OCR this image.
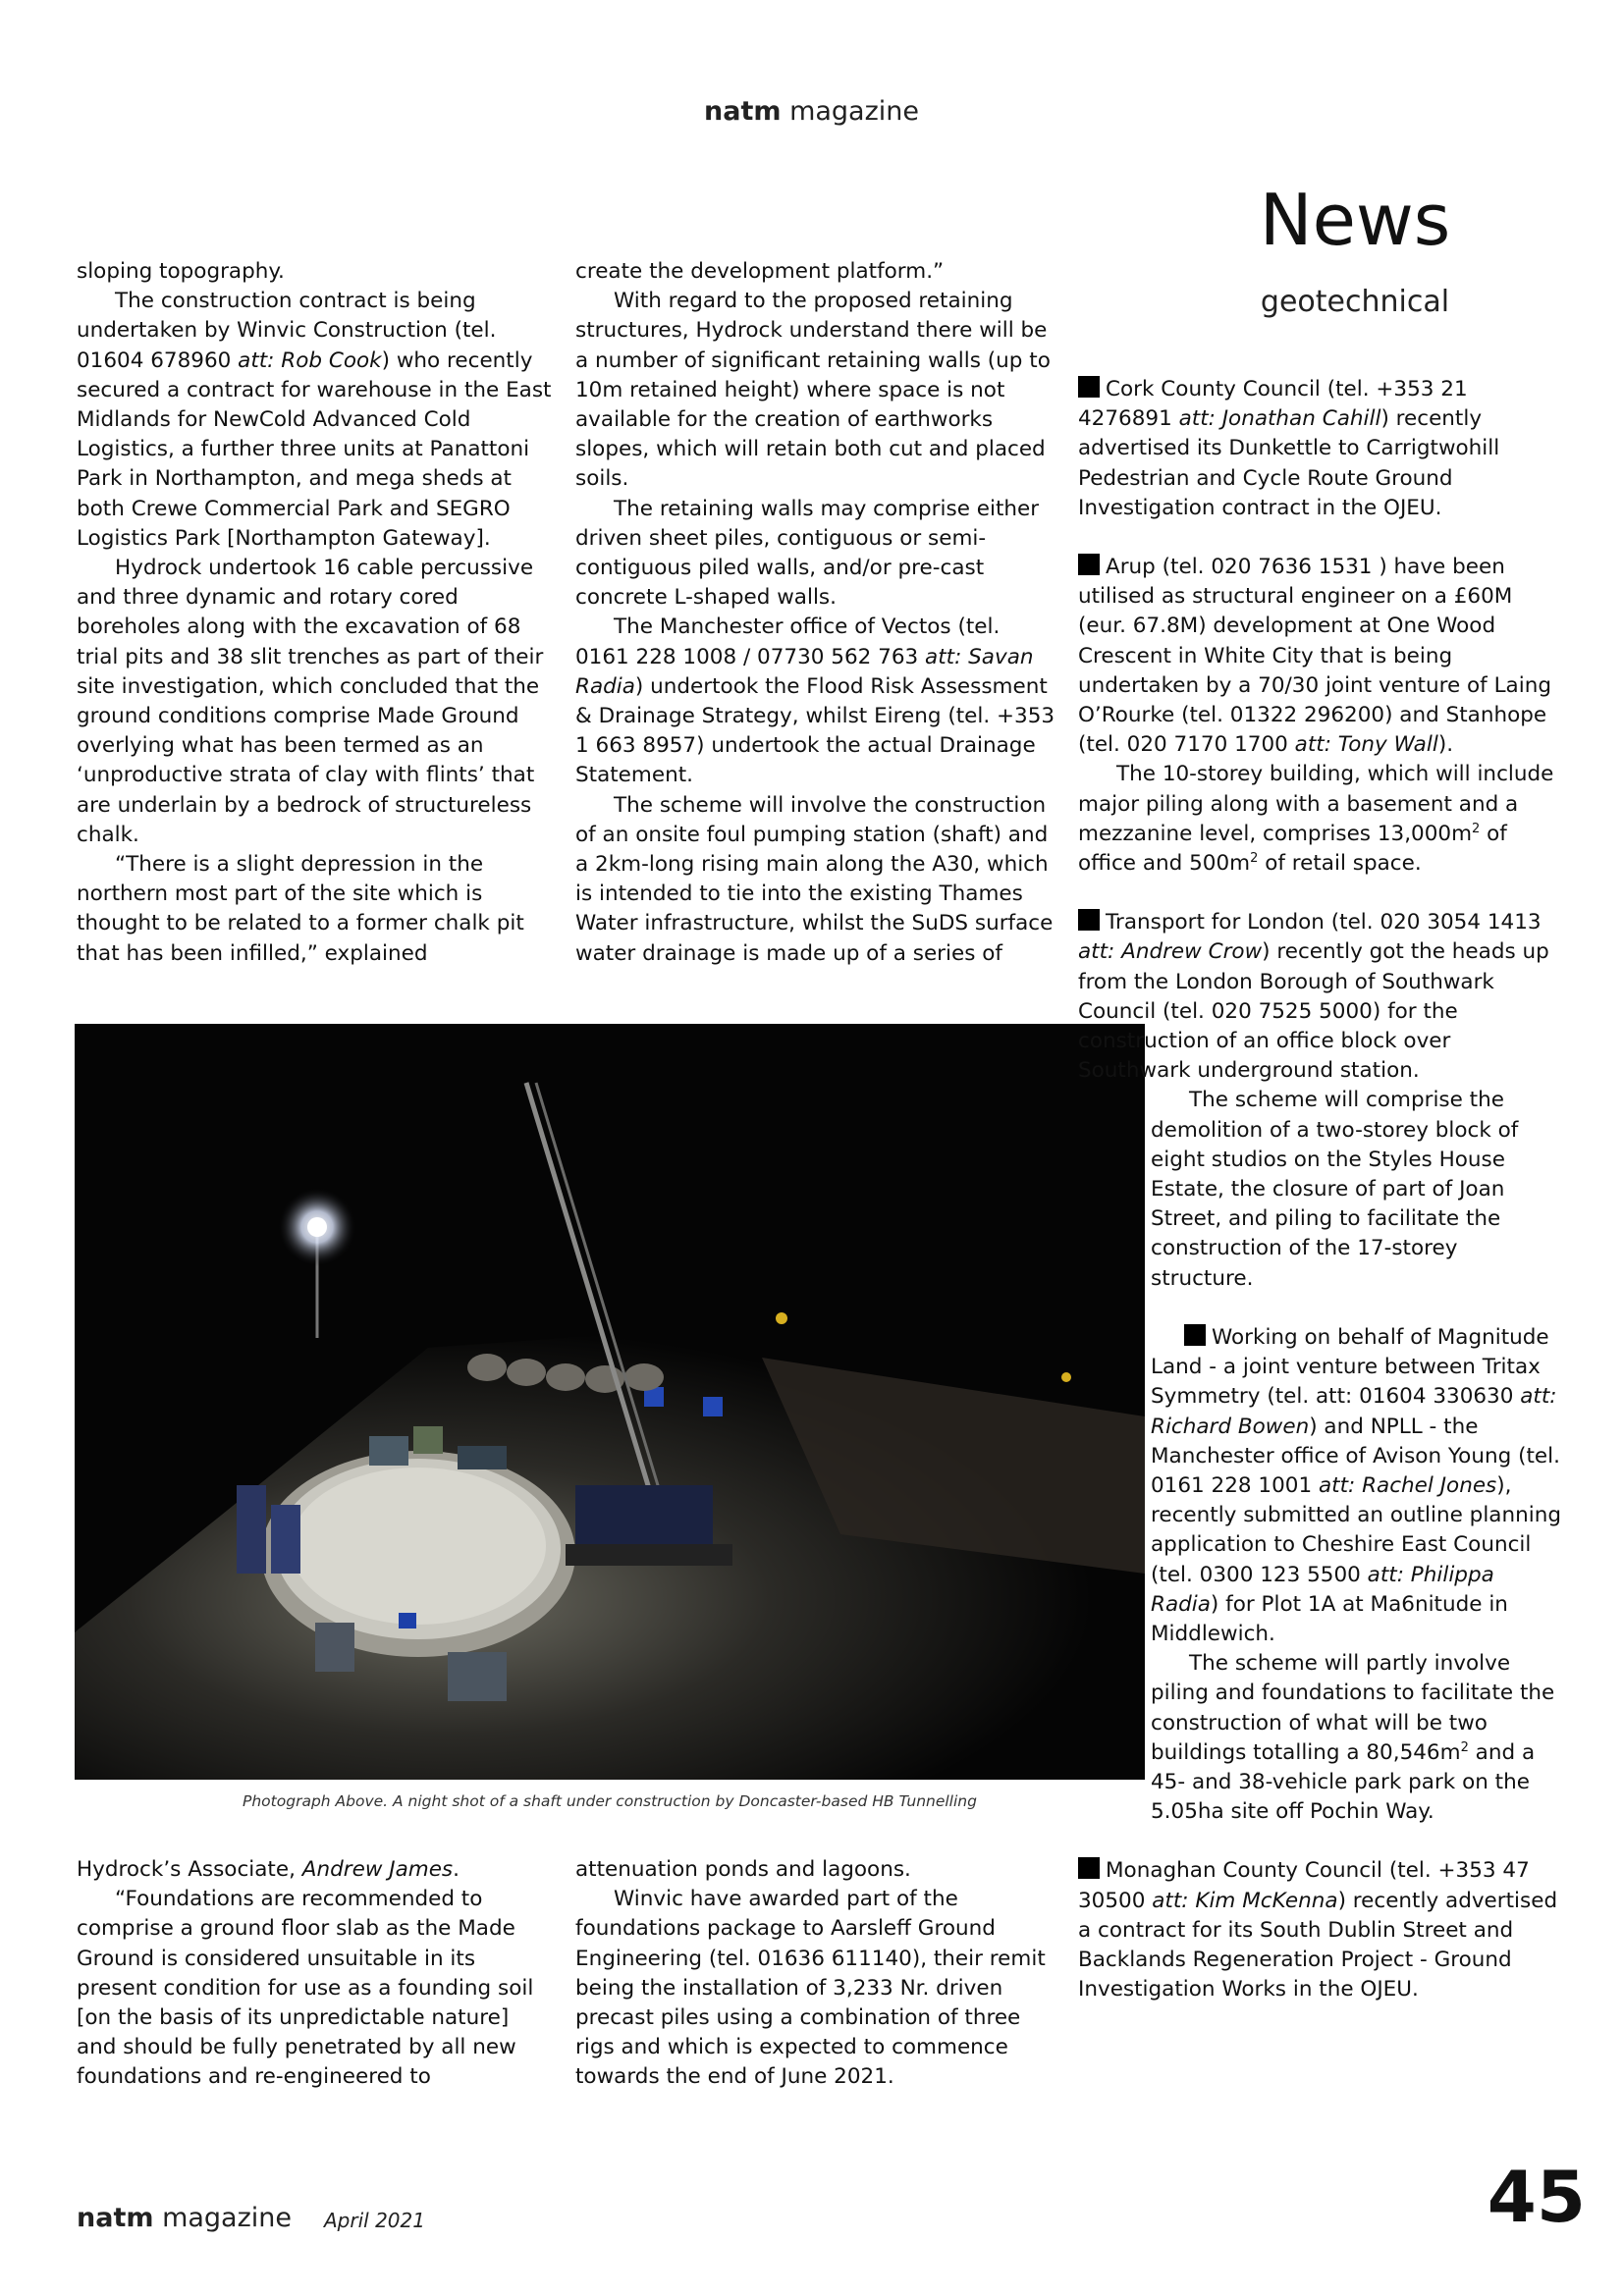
natm magazine
News
geotechnical

sloping topography.

The construction contract is being undertaken by Winvic Construction (tel. 01604 678960 att: Rob Cook) who recently secured a contract for warehouse in the East Midlands for NewCold Advanced Cold Logistics, a further three units at Panattoni Park in Northampton, and mega sheds at both Crewe Commercial Park and SEGRO Logistics Park [Northampton Gateway].

Hydrock undertook 16 cable percussive and three dynamic and rotary cored boreholes along with the excavation of 68 trial pits and 38 slit trenches as part of their site investigation, which concluded that the ground conditions comprise Made Ground overlying what has been termed as an ‘unproductive strata of clay with flints’ that are underlain by a bedrock of structureless chalk.

“There is a slight depression in the northern most part of the site which is thought to be related to a former chalk pit that has been infilled,” explained

create the development platform.”

With regard to the proposed retaining structures, Hydrock understand there will be a number of significant retaining walls (up to 10m retained height) where space is not available for the creation of earthworks slopes, which will retain both cut and placed soils.

The retaining walls may comprise either driven sheet piles, contiguous or semi-contiguous piled walls, and/or pre-cast concrete L-shaped walls.

The Manchester office of Vectos (tel. 0161 228 1008 / 07730 562 763 att: Savan Radia) undertook the Flood Risk Assessment & Drainage Strategy, whilst Eireng (tel. +353 1 663 8957) undertook the actual Drainage Statement.

The scheme will involve the construction of an onsite foul pumping station (shaft) and a 2km-long rising main along the A30, which is intended to tie into the existing Thames Water infrastructure, whilst the SuDS surface water drainage is made up of a series of

Photograph Above. A night shot of a shaft under construction by Doncaster-based HB Tunnelling

Hydrock’s Associate, Andrew James.

“Foundations are recommended to comprise a ground floor slab as the Made Ground is considered unsuitable in its present condition for use as a founding soil [on the basis of its unpredictable nature] and should be fully penetrated by all new foundations and re-engineered to

attenuation ponds and lagoons.

Winvic have awarded part of the foundations package to Aarsleff Ground Engineering (tel. 01636 611140), their remit being the installation of 3,233 Nr. driven precast piles using a combination of three rigs and which is expected to commence towards the end of June 2021.

Cork County Council (tel. +353 21 4276891 att: Jonathan Cahill) recently advertised its Dunkettle to Carrigtwohill Pedestrian and Cycle Route Ground Investigation contract in the OJEU.

Arup (tel. 020 7636 1531 ) have been utilised as structural engineer on a £60M (eur. 67.8M) development at One Wood Crescent in White City that is being undertaken by a 70/30 joint venture of Laing O’Rourke (tel. 01322 296200) and Stanhope (tel. 020 7170 1700 att: Tony Wall).

The 10-storey building, which will include major piling along with a basement and a mezzanine level, comprises $13,000m^2$ of office and $500m^2$ of retail space.

Transport for London (tel. 020 3054 1413 att: Andrew Crow) recently got the heads up from the London Borough of Southwark Council (tel. 020 7525 5000) for the construction of an office block over Southwark underground station.

The scheme will comprise the demolition of a two-storey block of eight studios on the Styles House Estate, the closure of part of Joan Street, and piling to facilitate the construction of the 17-storey structure.

Working on behalf of Magnitude Land - a joint venture between Tritax Symmetry (tel. att: 01604 330630 att: Richard Bowen) and NPLL - the Manchester office of Avison Young (tel. 0161 228 1001 att: Rachel Jones), recently submitted an outline planning application to Cheshire East Council (tel. 0300 123 5500 att: Philippa Radia) for Plot 1A at Ma6nitude in Middlewich.

The scheme will partly involve piling and foundations to facilitate the construction of what will be two buildings totalling a $80,546m^2$ and a 45- and 38-vehicle park park on the 5.05ha site off Pochin Way.

Monaghan County Council (tel. +353 47 30500 att: Kim McKenna) recently advertised a contract for its South Dublin Street and Backlands Regeneration Project - Ground Investigation Works in the OJEU.

natm magazine April 2021	45
